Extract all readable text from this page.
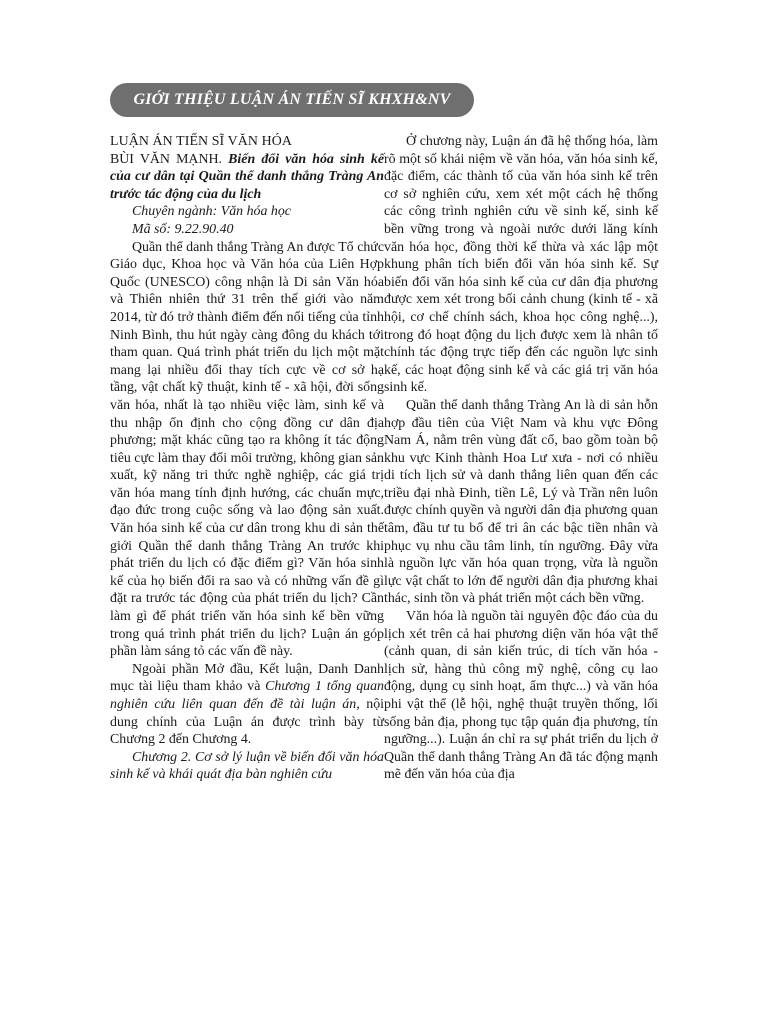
GIỚI THIỆU LUẬN ÁN TIẾN SĨ KHXH&NV

LUẬN ÁN TIẾN SĨ VĂN HÓA

BÙI VĂN MẠNH. Biến đổi văn hóa sinh kế của cư dân tại Quần thể danh thắng Tràng An trước tác động của du lịch

Chuyên ngành: Văn hóa học

Mã số: 9.22.90.40

Quần thể danh thắng Tràng An được Tổ chức Giáo dục, Khoa học và Văn hóa của Liên Hợp Quốc (UNESCO) công nhận là Di sản Văn hóa và Thiên nhiên thứ 31 trên thế giới vào năm 2014, từ đó trở thành điểm đến nổi tiếng của tỉnh Ninh Bình, thu hút ngày càng đông du khách tới tham quan. Quá trình phát triển du lịch một mặt mang lại nhiều đổi thay tích cực về cơ sở hạ tầng, vật chất kỹ thuật, kinh tế - xã hội, đời sống văn hóa, nhất là tạo nhiều việc làm, sinh kế và thu nhập ổn định cho cộng đồng cư dân địa phương; mặt khác cũng tạo ra không ít tác động tiêu cực làm thay đổi môi trường, không gian sản xuất, kỹ năng tri thức nghề nghiệp, các giá trị văn hóa mang tính định hướng, các chuẩn mực, đạo đức trong cuộc sống và lao động sản xuất. Văn hóa sinh kế của cư dân trong khu di sản thế giới Quần thể danh thắng Tràng An trước khi phát triển du lịch có đặc điểm gì? Văn hóa sinh kế của họ biến đổi ra sao và có những vấn đề gì đặt ra trước tác động của phát triển du lịch? Cần làm gì để phát triển văn hóa sinh kế bền vững trong quá trình phát triển du lịch? Luận án góp phần làm sáng tỏ các vấn đề này.

Ngoài phần Mở đầu, Kết luận, Danh Danh mục tài liệu tham khảo và Chương 1 tổng quan nghiên cứu liên quan đến đề tài luận án, nội dung chính của Luận án được trình bày từ Chương 2 đến Chương 4.

Chương 2. Cơ sở lý luận về biến đổi văn hóa sinh kế và khái quát địa bàn nghiên cứu

Ở chương này, Luận án đã hệ thống hóa, làm rõ một số khái niệm về văn hóa, văn hóa sinh kế, đặc điểm, các thành tố của văn hóa sinh kế trên cơ sở nghiên cứu, xem xét một cách hệ thống các công trình nghiên cứu về sinh kế, sinh kế bền vững trong và ngoài nước dưới lăng kính văn hóa học, đồng thời kế thừa và xác lập một khung phân tích biến đổi văn hóa sinh kế. Sự biến đổi văn hóa sinh kế của cư dân địa phương được xem xét trong bối cảnh chung (kinh tế - xã hội, cơ chế chính sách, khoa học công nghệ...), trong đó hoạt động du lịch được xem là nhân tố chính tác động trực tiếp đến các nguồn lực sinh kế, các hoạt động sinh kế và các giá trị văn hóa sinh kế.

Quần thể danh thắng Tràng An là di sản hỗn hợp đầu tiên của Việt Nam và khu vực Đông Nam Á, nằm trên vùng đất cổ, bao gồm toàn bộ khu vực Kinh thành Hoa Lư xưa - nơi có nhiều di tích lịch sử và danh thắng liên quan đến các triều đại nhà Đinh, tiền Lê, Lý và Trần nên luôn được chính quyền và người dân địa phương quan tâm, đầu tư tu bổ để tri ân các bậc tiền nhân và phục vụ nhu cầu tâm linh, tín ngưỡng. Đây vừa là nguồn lực văn hóa quan trọng, vừa là nguồn lực vật chất to lớn để người dân địa phương khai thác, sinh tồn và phát triển một cách bền vững.

Văn hóa là nguồn tài nguyên độc đáo của du lịch xét trên cả hai phương diện văn hóa vật thể (cảnh quan, di sản kiến trúc, di tích văn hóa - lịch sử, hàng thủ công mỹ nghệ, công cụ lao động, dụng cụ sinh hoạt, ẩm thực...) và văn hóa phi vật thể (lễ hội, nghệ thuật truyền thống, lối sống bản địa, phong tục tập quán địa phương, tín ngưỡng...). Luận án chỉ ra sự phát triển du lịch ở Quần thể danh thắng Tràng An đã tác động mạnh mẽ đến văn hóa của địa
